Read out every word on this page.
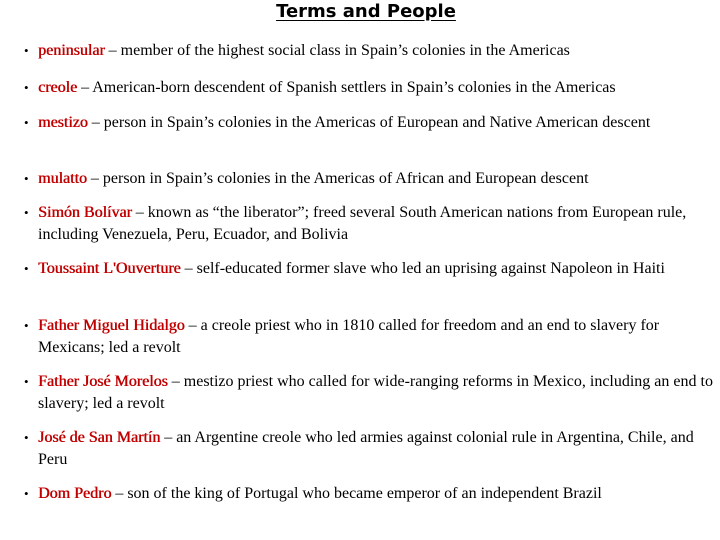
Terms and People
• peninsular – member of the highest social class in Spain’s colonies in the Americas
• creole – American-born descendent of Spanish settlers in Spain’s colonies in the Americas
• mestizo – person in Spain’s colonies in the Americas of European and Native American descent
• mulatto – person in Spain’s colonies in the Americas of African and European descent
• Simón Bolívar – known as “the liberator”; freed several South American nations from European rule, including Venezuela, Peru, Ecuador, and Bolivia
• Toussaint L'Ouverture – self-educated former slave who led an uprising against Napoleon in Haiti
• Father Miguel Hidalgo – a creole priest who in 1810 called for freedom and an end to slavery for Mexicans; led a revolt
• Father José Morelos – mestizo priest who called for wide-ranging reforms in Mexico, including an end to slavery; led a revolt
• José de San Martín – an Argentine creole who led armies against colonial rule in Argentina, Chile, and Peru
• Dom Pedro – son of the king of Portugal who became emperor of an independent Brazil
